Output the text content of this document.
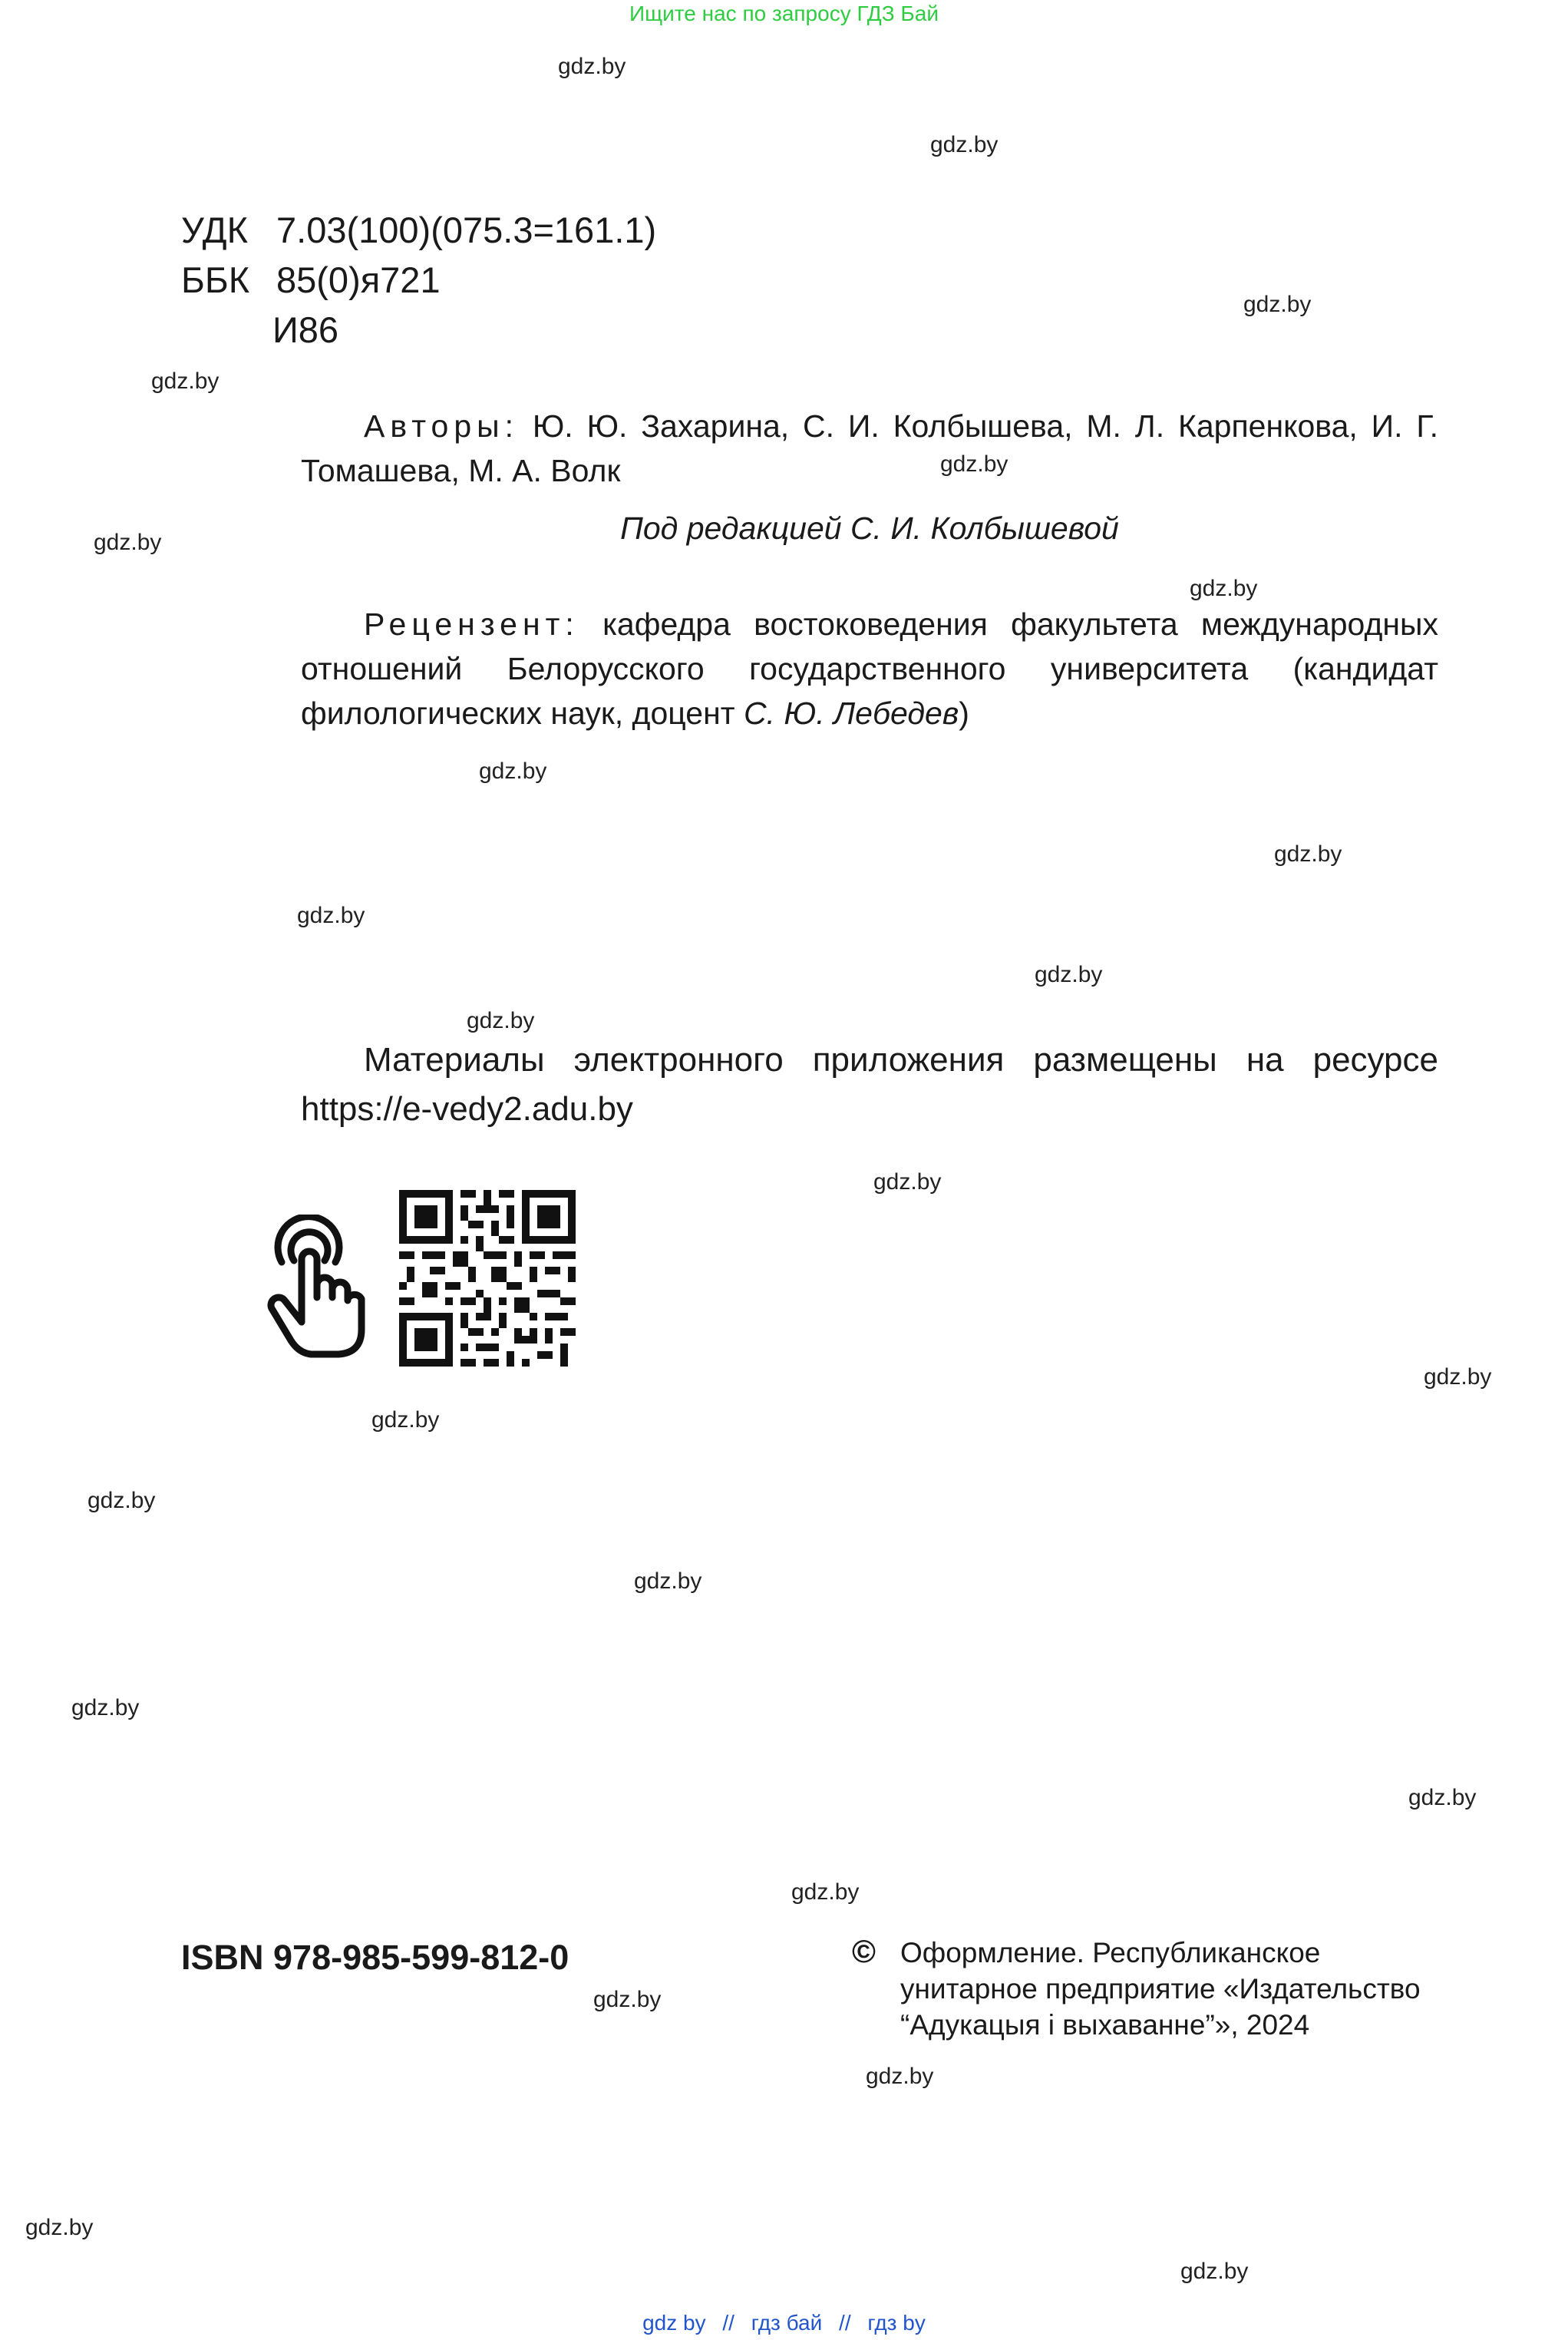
Ищите нас по запросу ГДЗ Бай
gdz.by
gdz.by
gdz.by
gdz.by
gdz.by
gdz.by
gdz.by
gdz.by
gdz.by
gdz.by
gdz.by
gdz.by
gdz.by
gdz.by
gdz.by
gdz.by
gdz.by
gdz.by
gdz.by
gdz.by
gdz.by
gdz.by
gdz.by
gdz.by
УДК 7.03(100)(075.3=161.1)
ББК 85(0)я721
И86
Авторы: Ю. Ю. Захарина, С. И. Колбышева, М. Л. Карпенкова, И. Г. Томашева, М. А. Волк
Под редакцией С. И. Колбышевой
Рецензент: кафедра востоковедения факультета международных отношений Белорусского государственного университета (кандидат филологических наук, доцент С. Ю. Лебедев)
Материалы электронного приложения размещены на ресурсе https://e-vedy2.adu.by
ISBN 978-985-599-812-0	© Оформление. Республиканское
унитарное предприятие «Издательство
“Адукацыя і выхаванне”», 2024
gdz by // гдз бай // гдз by
